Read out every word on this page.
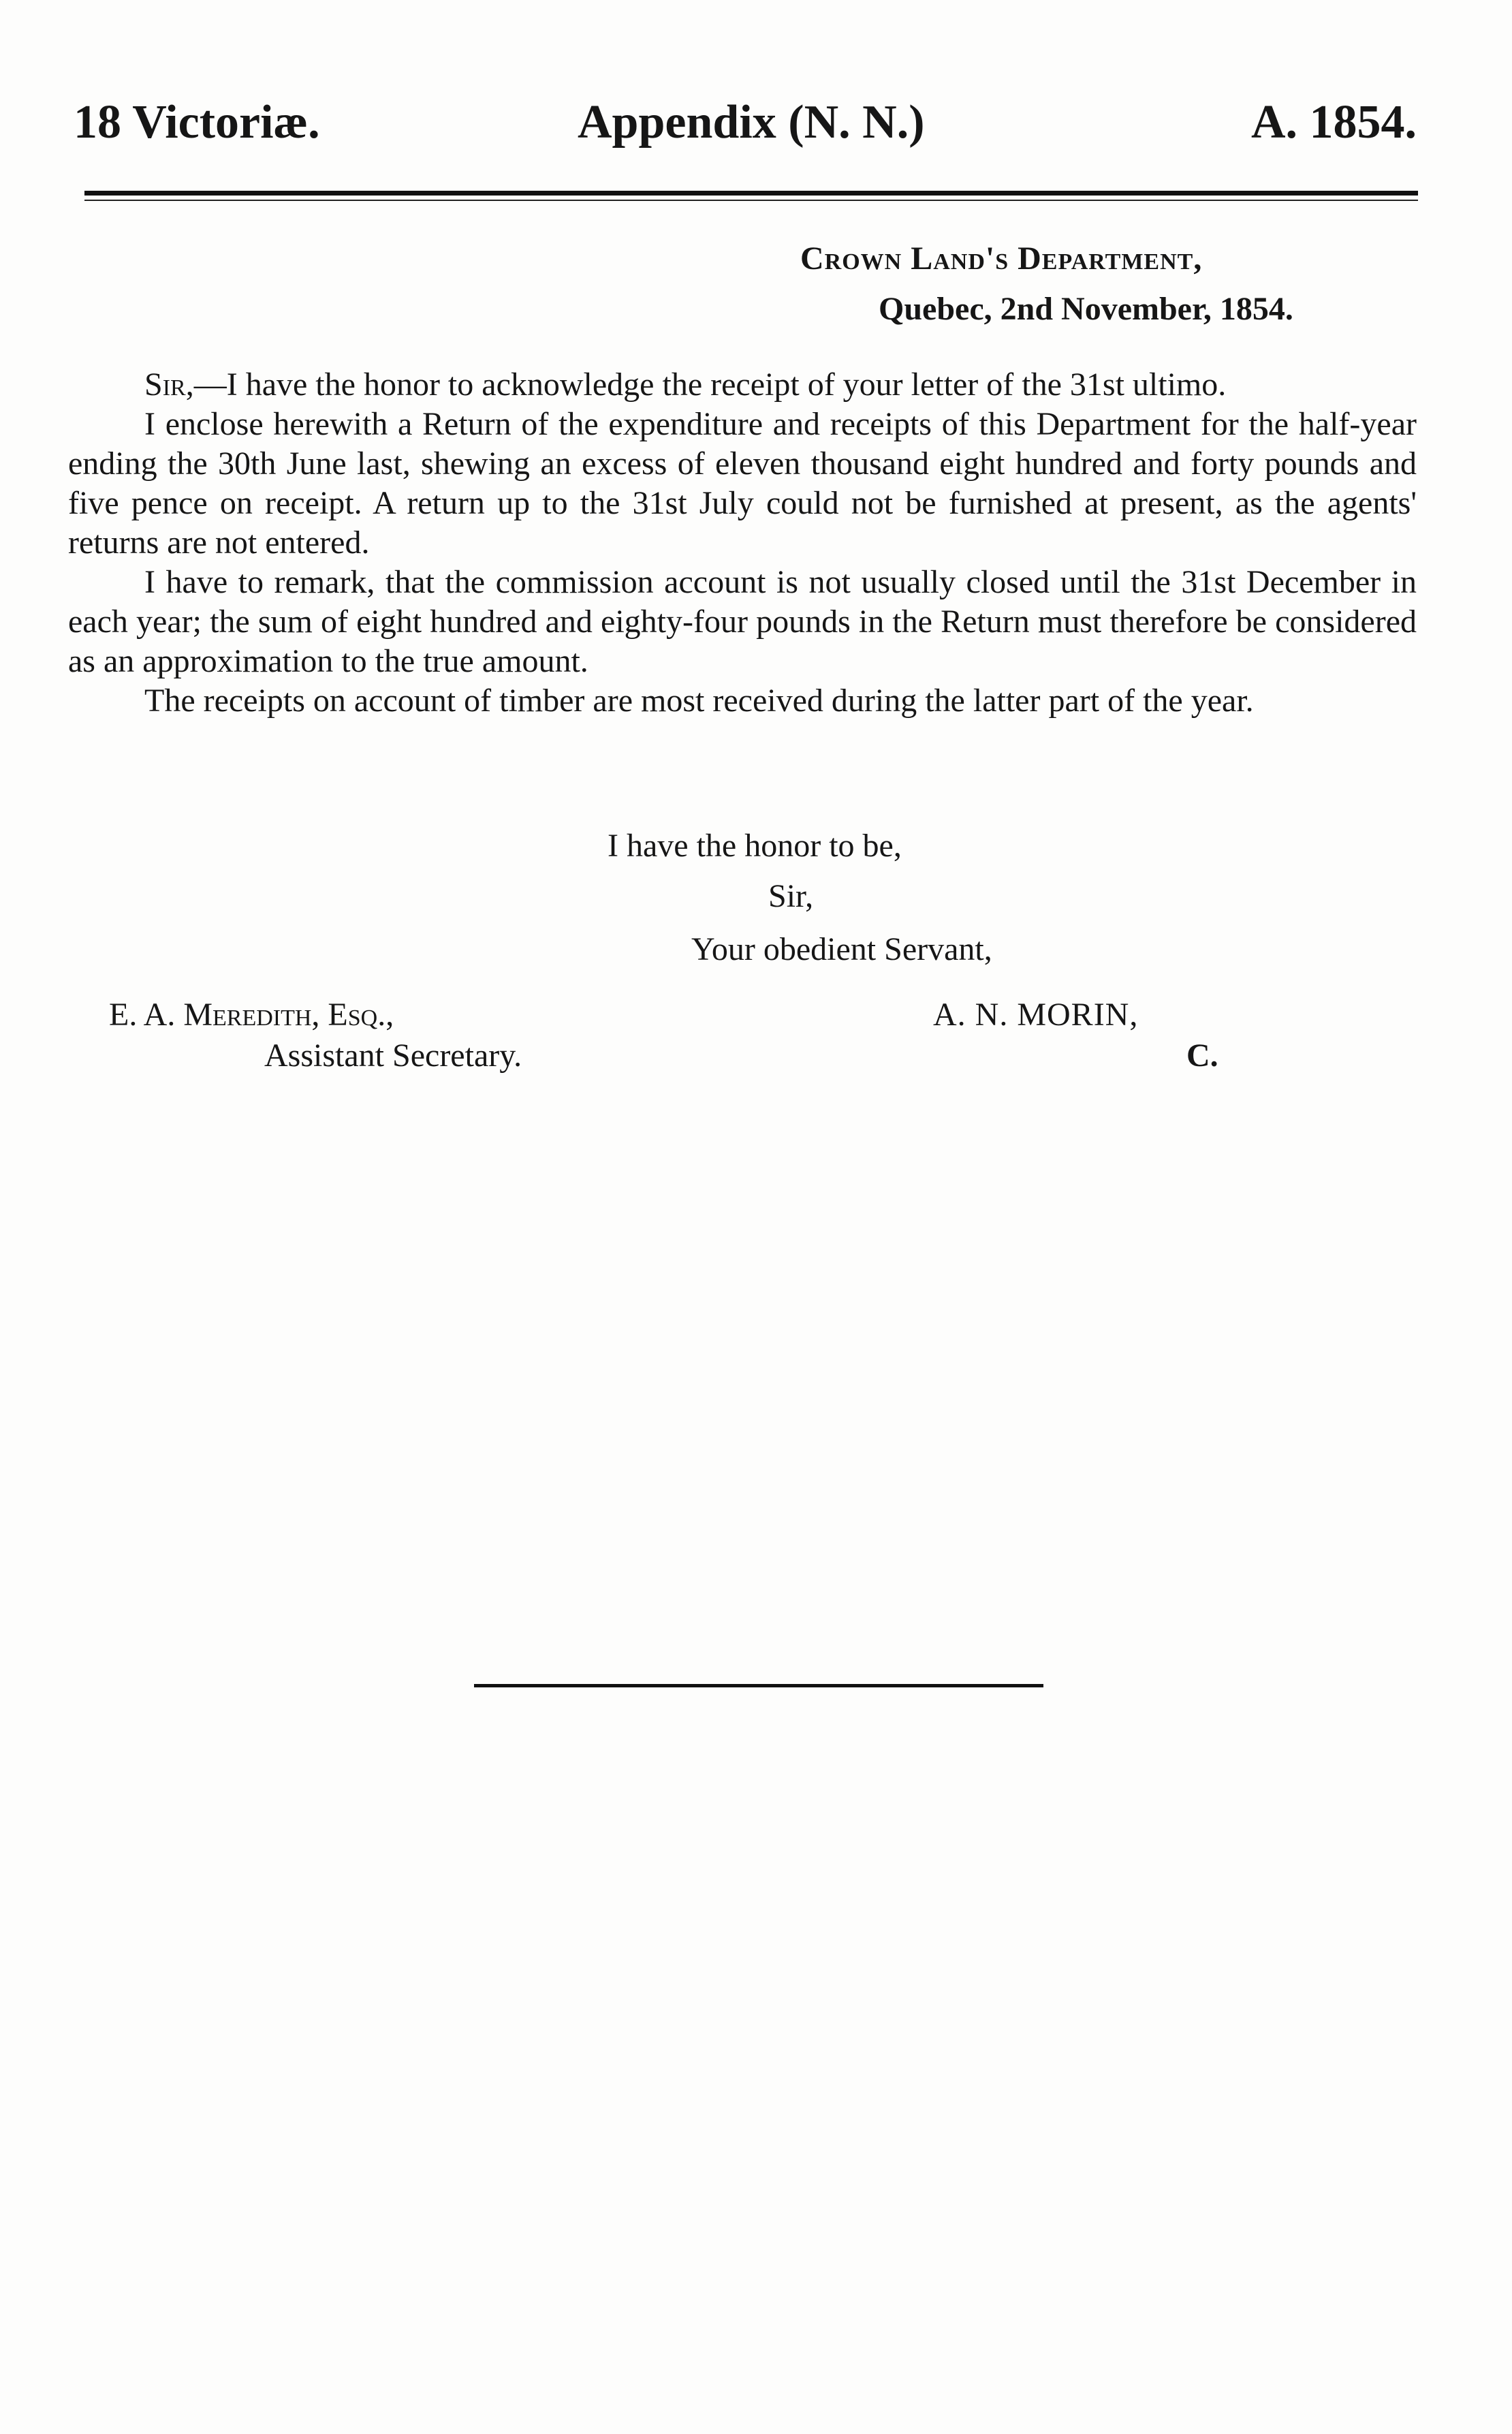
18 Victoriæ.	Appendix (N. N.)	A. 1854.
Crown Land's Department,
Quebec, 2nd November, 1854.

Sir,—I have the honor to acknowledge the receipt of your letter of the 31st ultimo.

I enclose herewith a Return of the expenditure and receipts of this Department for the half-year ending the 30th June last, shewing an excess of eleven thousand eight hundred and forty pounds and five pence on receipt. A return up to the 31st July could not be furnished at present, as the agents' returns are not entered.

I have to remark, that the commission account is not usually closed until the 31st December in each year; the sum of eight hundred and eighty-four pounds in the Return must therefore be considered as an approximation to the true amount.

The receipts on account of timber are most received during the latter part of the year.

I have the honor to be,
Sir,
Your obedient Servant,
E. A. Meredith, Esq.,
Assistant Secretary.
A. N. MORIN,
C.
